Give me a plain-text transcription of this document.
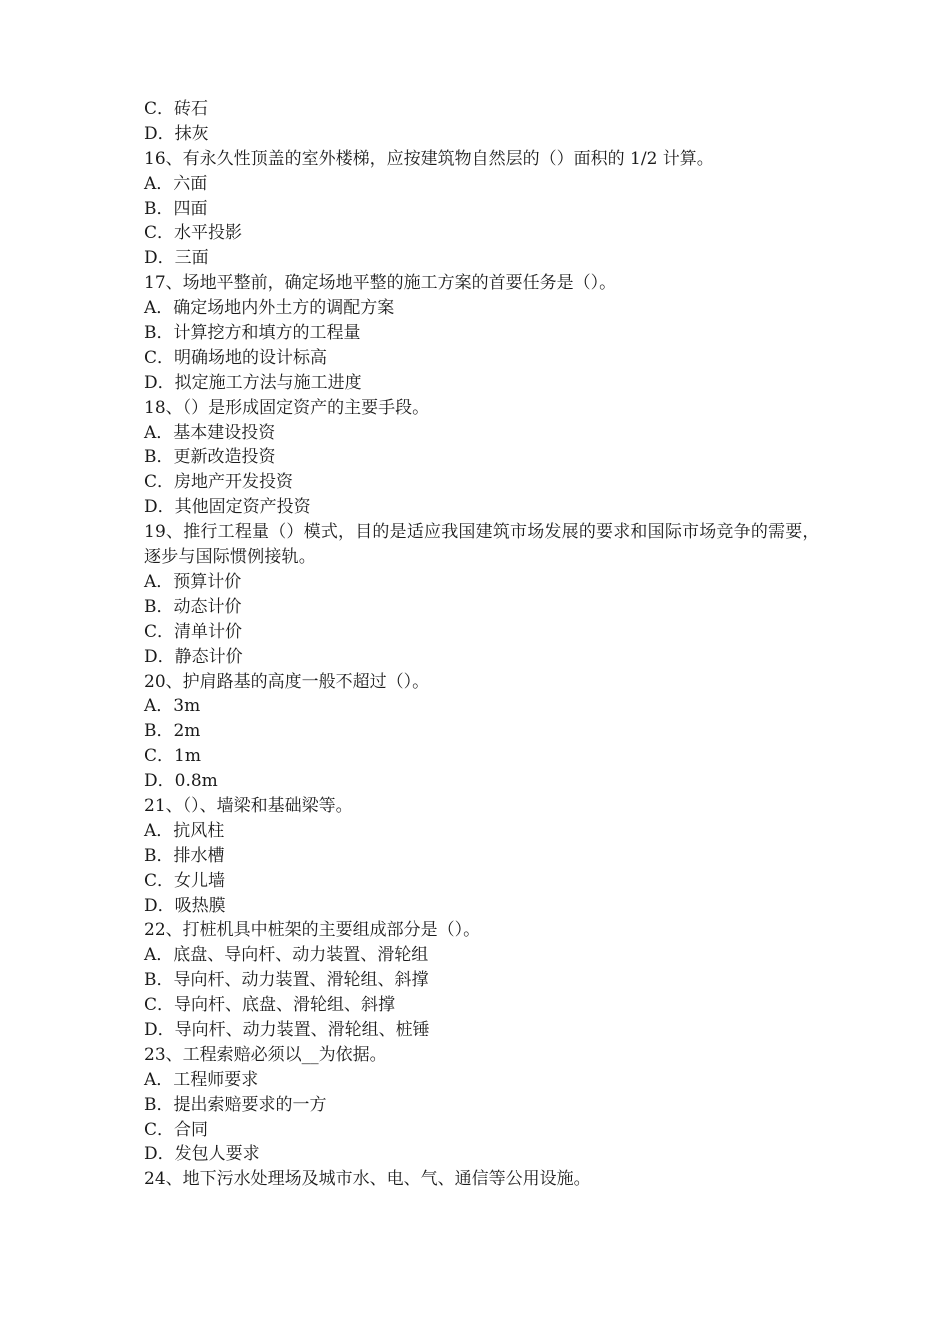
C．砖石
D．抹灰
16、有永久性顶盖的室外楼梯，应按建筑物自然层的（）面积的 1/2 计算。
A．六面
B．四面
C．水平投影
D．三面
17、场地平整前，确定场地平整的施工方案的首要任务是（）。
A．确定场地内外土方的调配方案
B．计算挖方和填方的工程量
C．明确场地的设计标高
D．拟定施工方法与施工进度
18、（）是形成固定资产的主要手段。
A．基本建设投资
B．更新改造投资
C．房地产开发投资
D．其他固定资产投资
19、推行工程量（）模式，目的是适应我国建筑市场发展的要求和国际市场竞争的需要，逐步与国际惯例接轨。
A．预算计价
B．动态计价
C．清单计价
D．静态计价
20、护肩路基的高度一般不超过（）。
A．3m
B．2m
C．1m
D．0.8m
21、（）、墙梁和基础梁等。
A．抗风柱
B．排水槽
C．女儿墙
D．吸热膜
22、打桩机具中桩架的主要组成部分是（）。
A．底盘、导向杆、动力装置、滑轮组
B．导向杆、动力装置、滑轮组、斜撑
C．导向杆、底盘、滑轮组、斜撑
D．导向杆、动力装置、滑轮组、桩锤
23、工程索赔必须以__为依据。
A．工程师要求
B．提出索赔要求的一方
C．合同
D．发包人要求
24、地下污水处理场及城市水、电、气、通信等公用设施。
